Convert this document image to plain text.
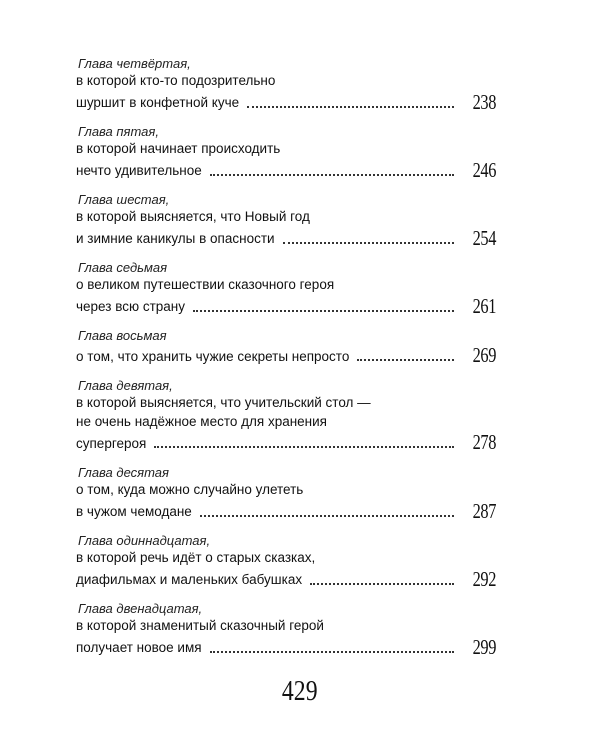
Глава четвёртая,
в которой кто-то подозрительно
шуршит в конфетной куче	238
Глава пятая,
в которой начинает происходить
нечто удивительное	246
Глава шестая,
в которой выясняется, что Новый год
и зимние каникулы в опасности	254
Глава седьмая
о великом путешествии сказочного героя
через всю страну	261
Глава восьмая
о том, что хранить чужие секреты непросто	269
Глава девятая,
в которой выясняется, что учительский стол —
не очень надёжное место для хранения
супергероя	278
Глава десятая
о том, куда можно случайно улететь
в чужом чемодане	287
Глава одиннадцатая,
в которой речь идёт о старых сказках,
диафильмах и маленьких бабушках	292
Глава двенадцатая,
в которой знаменитый сказочный герой
получает новое имя	299
429
